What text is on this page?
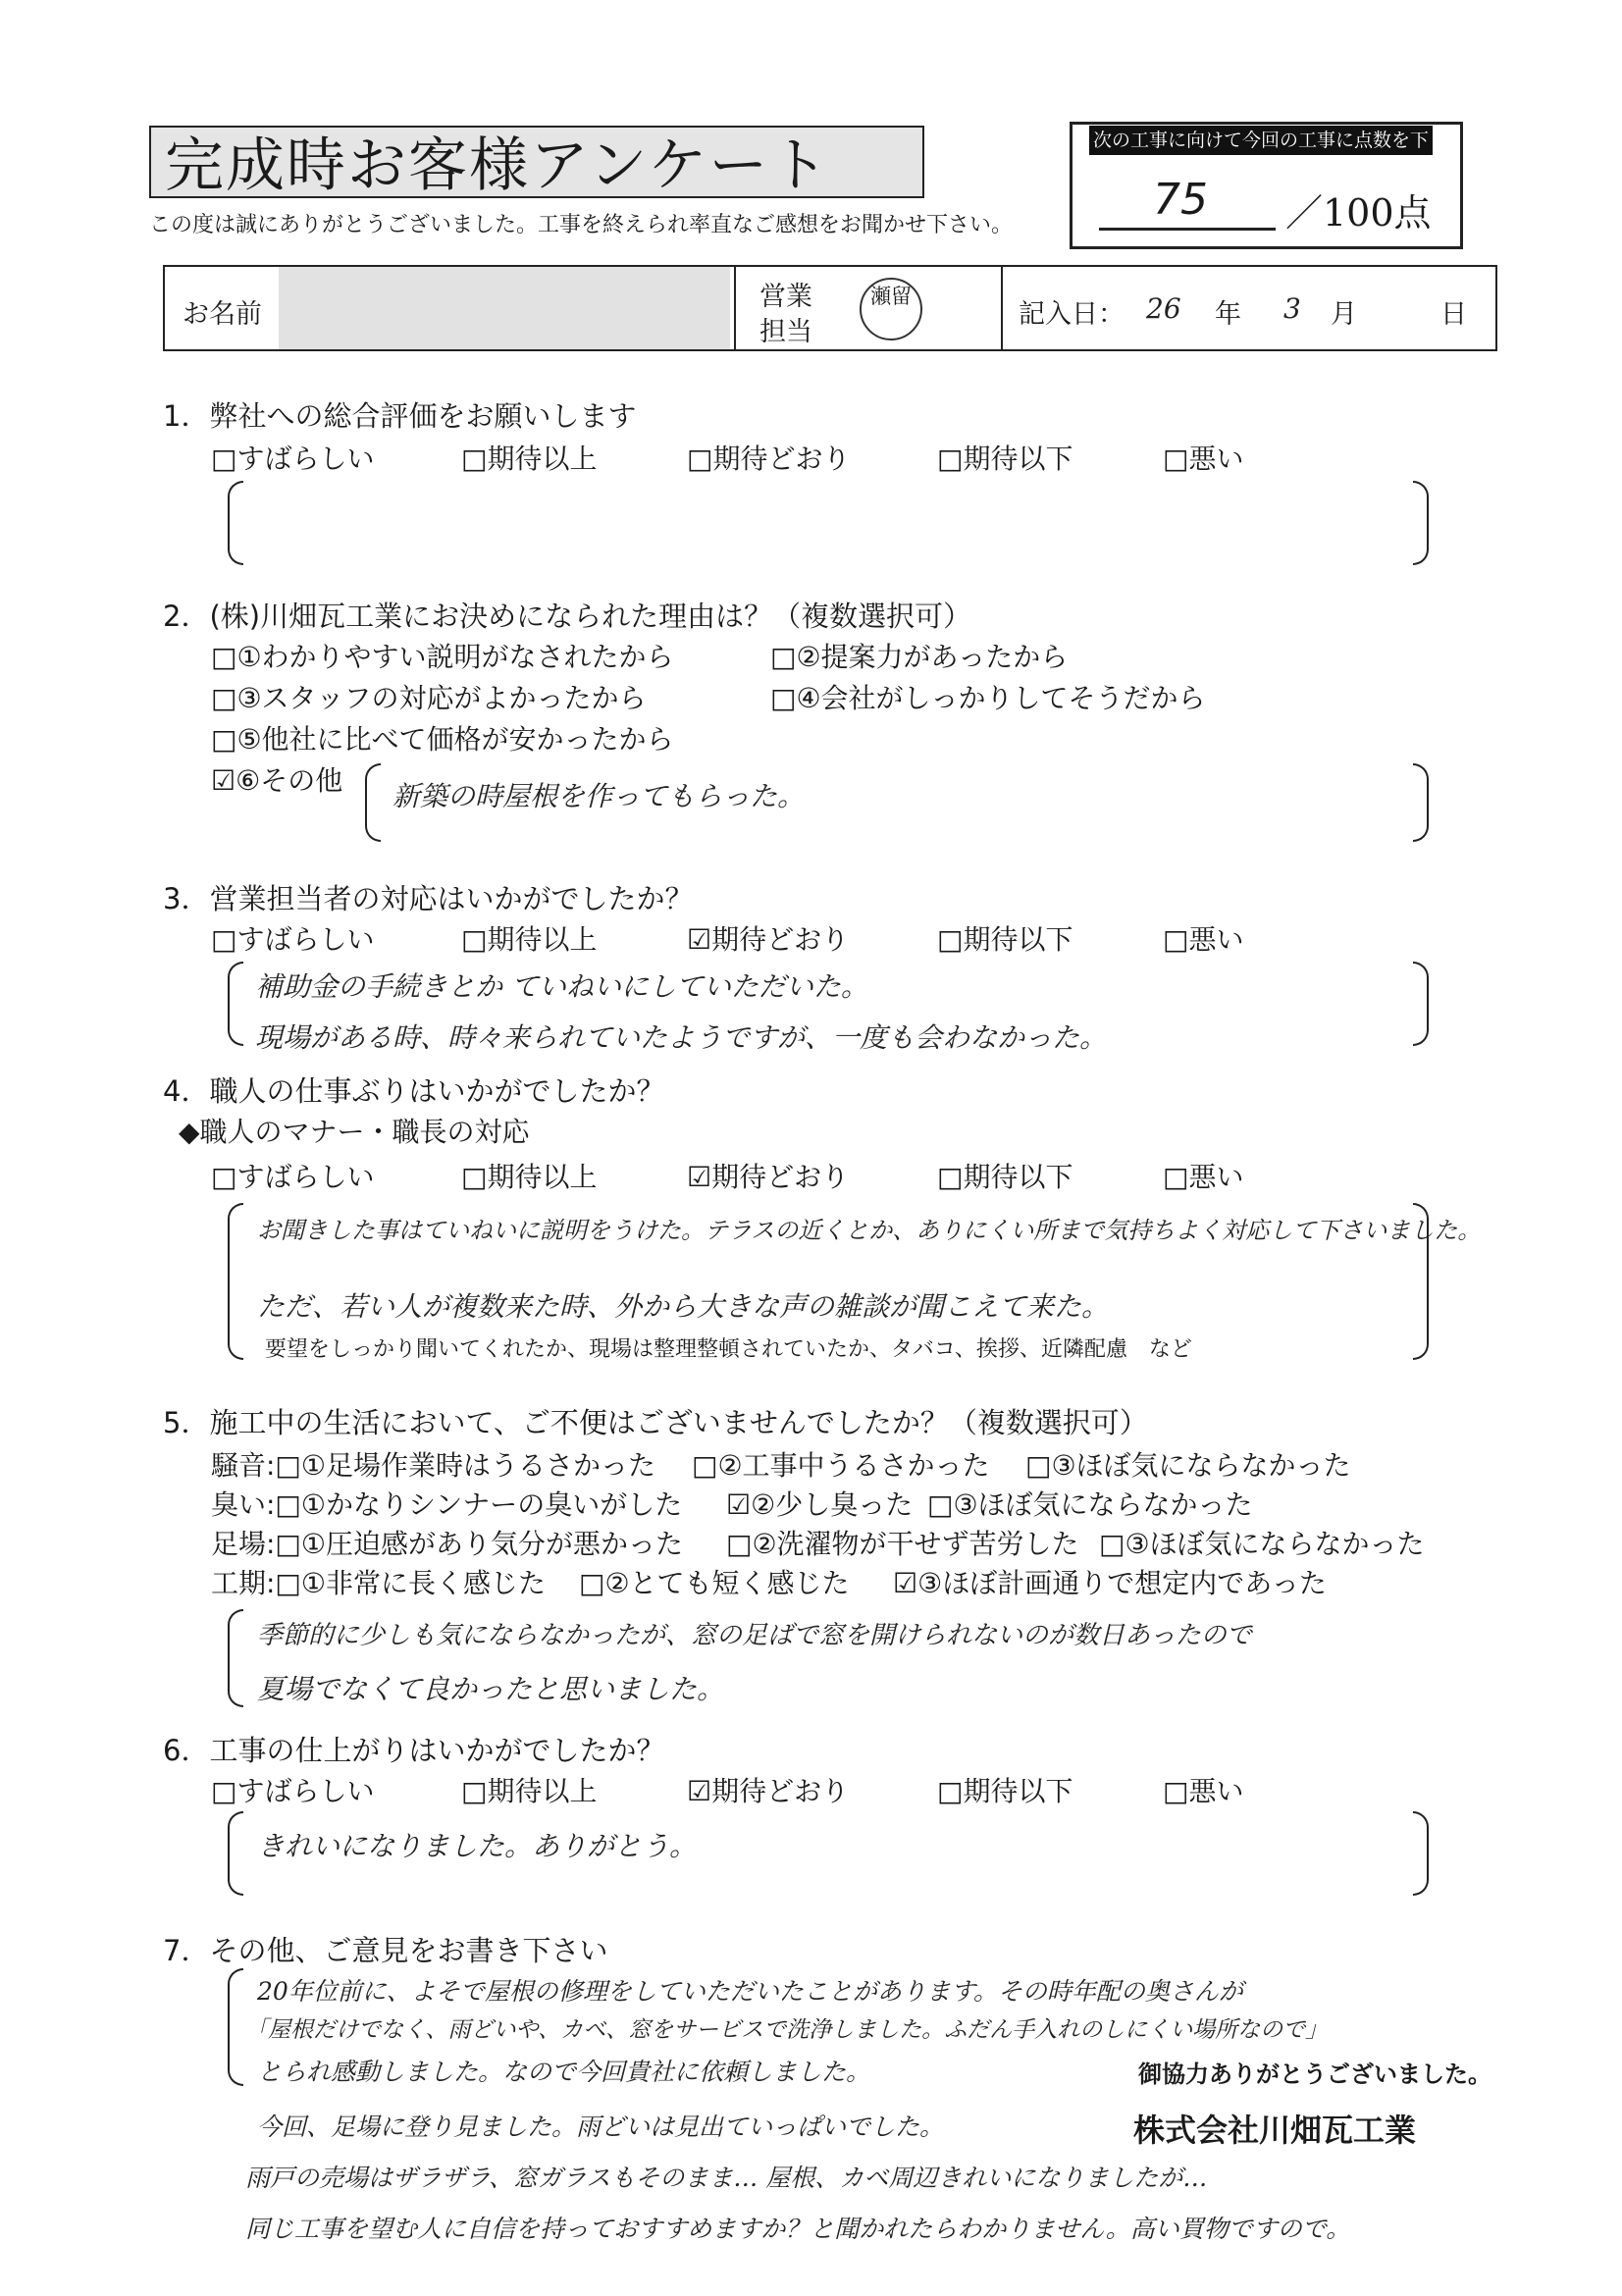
完成時お客様アンケート
この度は誠にありがとうございました。工事を終えられ率直なご感想をお聞かせ下さい。
次の工事に向けて今回の工事に点数を下さい！
75 ／100点
お名前
営業
担当
記入日： 26 年 3 月	日
瀬留
1．弊社への総合評価をお願いします
□すばらしい	□期待以上	□期待どおり	□期待以下	□悪い
2．(株)川畑瓦工業にお決めになられた理由は？（複数選択可）
□①わかりやすい説明がなされたから	□②提案力があったから
□③スタッフの対応がよかったから	□④会社がしっかりしてそうだから
□⑤他社に比べて価格が安かったから
☑⑥その他 新築の時屋根を作ってもらった。
3．営業担当者の対応はいかがでしたか？
□すばらしい	□期待以上	☑期待どおり	□期待以下	□悪い
補助金の手続きとか ていねいにしていただいた。
現場がある時、時々来られていたようですが、一度も会わなかった。
4．職人の仕事ぶりはいかがでしたか？
◆職人のマナー・職長の対応
□すばらしい	□期待以上	☑期待どおり	□期待以下	□悪い
お聞きした事はていねいに説明をうけた。テラスの近くとか、ありにくい所まで気持ちよく対応して下さいました。
ただ、若い人が複数来た時、外から大きな声の雑談が聞こえて来た。
要望をしっかり聞いてくれたか、現場は整理整頓されていたか、タバコ、挨拶、近隣配慮　など
5．施工中の生活において、ご不便はございませんでしたか？（複数選択可）
騒音:□①足場作業時はうるさかった □②工事中うるさかった □③ほぼ気にならなかった
臭い:□①かなりシンナーの臭いがした ☑②少し臭った □③ほぼ気にならなかった
足場:□①圧迫感があり気分が悪かった □②洗濯物が干せず苦労した □③ほぼ気にならなかった
工期:□①非常に長く感じた □②とても短く感じた ☑③ほぼ計画通りで想定内であった
季節的に少しも気にならなかったが、窓の足ばで窓を開けられないのが数日あったので
夏場でなくて良かったと思いました。
6．工事の仕上がりはいかがでしたか？
□すばらしい	□期待以上	☑期待どおり	□期待以下	□悪い
きれいになりました。ありがとう。
7．その他、ご意見をお書き下さい
20年位前に、よそで屋根の修理をしていただいたことがあります。その時年配の奥さんが
「屋根だけでなく、雨どいや、カベ、窓をサービスで洗浄しました。ふだん手入れのしにくい場所なので」
とられ感動しました。なので今回貴社に依頼しました。	御協力ありがとうございました。
今回、足場に登り見ました。雨どいは見出ていっぱいでした。	株式会社川畑瓦工業
雨戸の売場はザラザラ、窓ガラスもそのまま… 屋根、カベ周辺きれいになりましたが…
同じ工事を望む人に自信を持っておすすめますか？と聞かれたらわかりません。高い買物ですので。
